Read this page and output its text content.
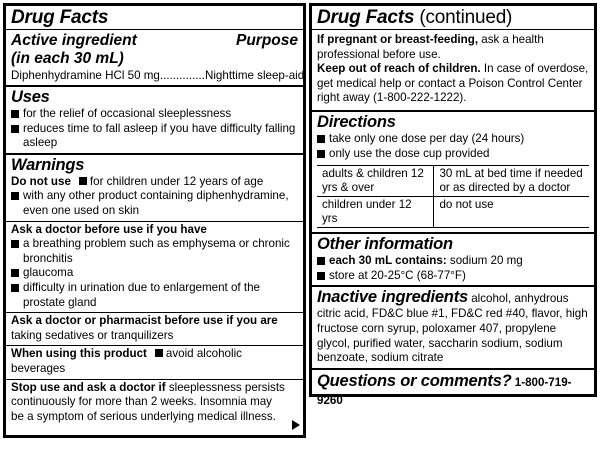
Drug Facts
Active ingredient	Purpose
(in each 30 mL)
Diphenhydramine HCl 50 mg .............. Nighttime sleep-aid
Uses
for the relief of occasional sleeplessness
reduces time to fall asleep if you have difficulty falling asleep
Warnings
Do not use for children under 12 years of age
with any other product containing diphenhydramine, even one used on skin
Ask a doctor before use if you have
a breathing problem such as emphysema or chronic bronchitis
glaucoma
difficulty in urination due to enlargement of the prostate gland
Ask a doctor or pharmacist before use if you are
taking sedatives or tranquilizers
When using this product avoid alcoholic beverages
Stop use and ask a doctor if sleeplessness persists continuously for more than 2 weeks. Insomnia may be a symptom of serious underlying medical illness.
Drug Facts (continued)
If pregnant or breast-feeding, ask a health professional before use.
Keep out of reach of children. In case of overdose, get medical help or contact a Poison Control Center right away (1-800-222-1222).
Directions
take only one dose per day (24 hours)
only use the dose cup provided
adults & children 12 yrs & over	30 mL at bed time if needed or as directed by a doctor
children under 12 yrs	do not use
Other information
each 30 mL contains: sodium 20 mg
store at 20-25°C (68-77°F)
Inactive ingredients alcohol, anhydrous citric acid, FD&C blue #1, FD&C red #40, flavor, high fructose corn syrup, poloxamer 407, propylene glycol, purified water, saccharin sodium, sodium benzoate, sodium citrate
Questions or comments? 1-800-719-9260
